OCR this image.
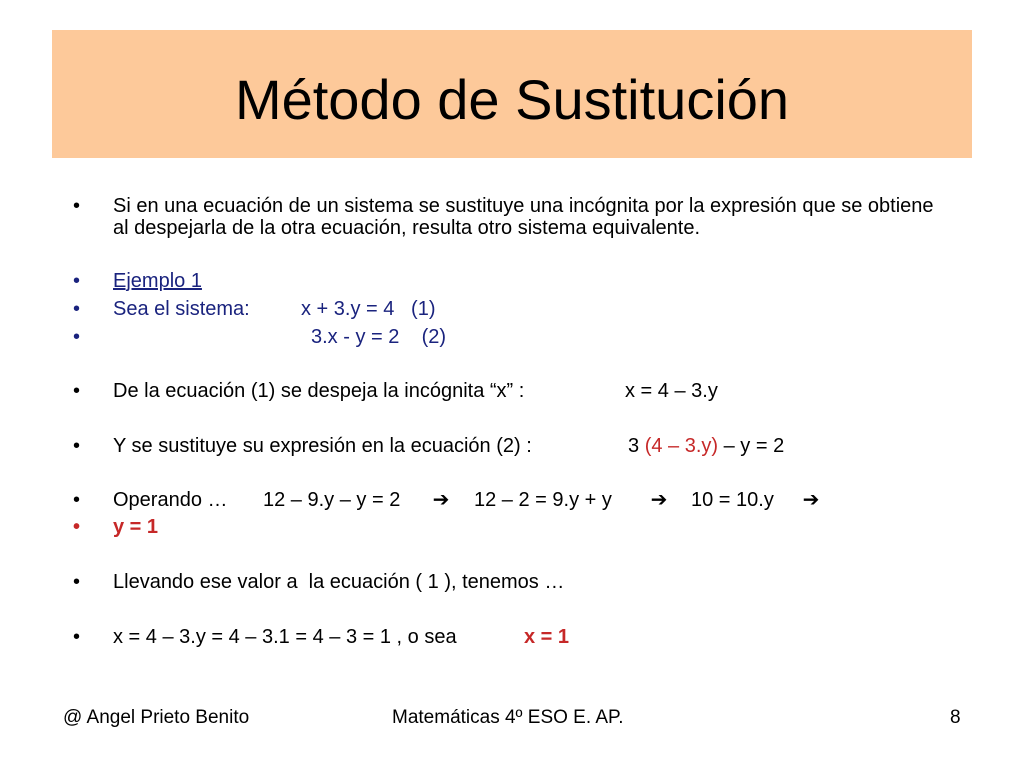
Método de Sustitución
• Si en una ecuación de un sistema se sustituye una incógnita por la expresión que se obtiene al despejarla de la otra ecuación, resulta otro sistema equivalente.
• Ejemplo 1
• Sea el sistema:	x + 3.y = 4   (1)
•	3.x - y = 2    (2)
• De la ecuación (1) se despeja la incógnita “x” :	x = 4 – 3.y
• Y se sustituye su expresión en la ecuación (2) :	3 (4 – 3.y) – y = 2
• Operando … 12 – 9.y – y = 2 ➔ 12 – 2 = 9.y + y ➔ 10 = 10.y ➔
• y = 1
• Llevando ese valor a  la ecuación ( 1 ), tenemos …
• x = 4 – 3.y = 4 – 3.1 = 4 – 3 = 1 , o sea	x = 1
@ Angel Prieto Benito	Matemáticas 4º ESO E. AP.	8
